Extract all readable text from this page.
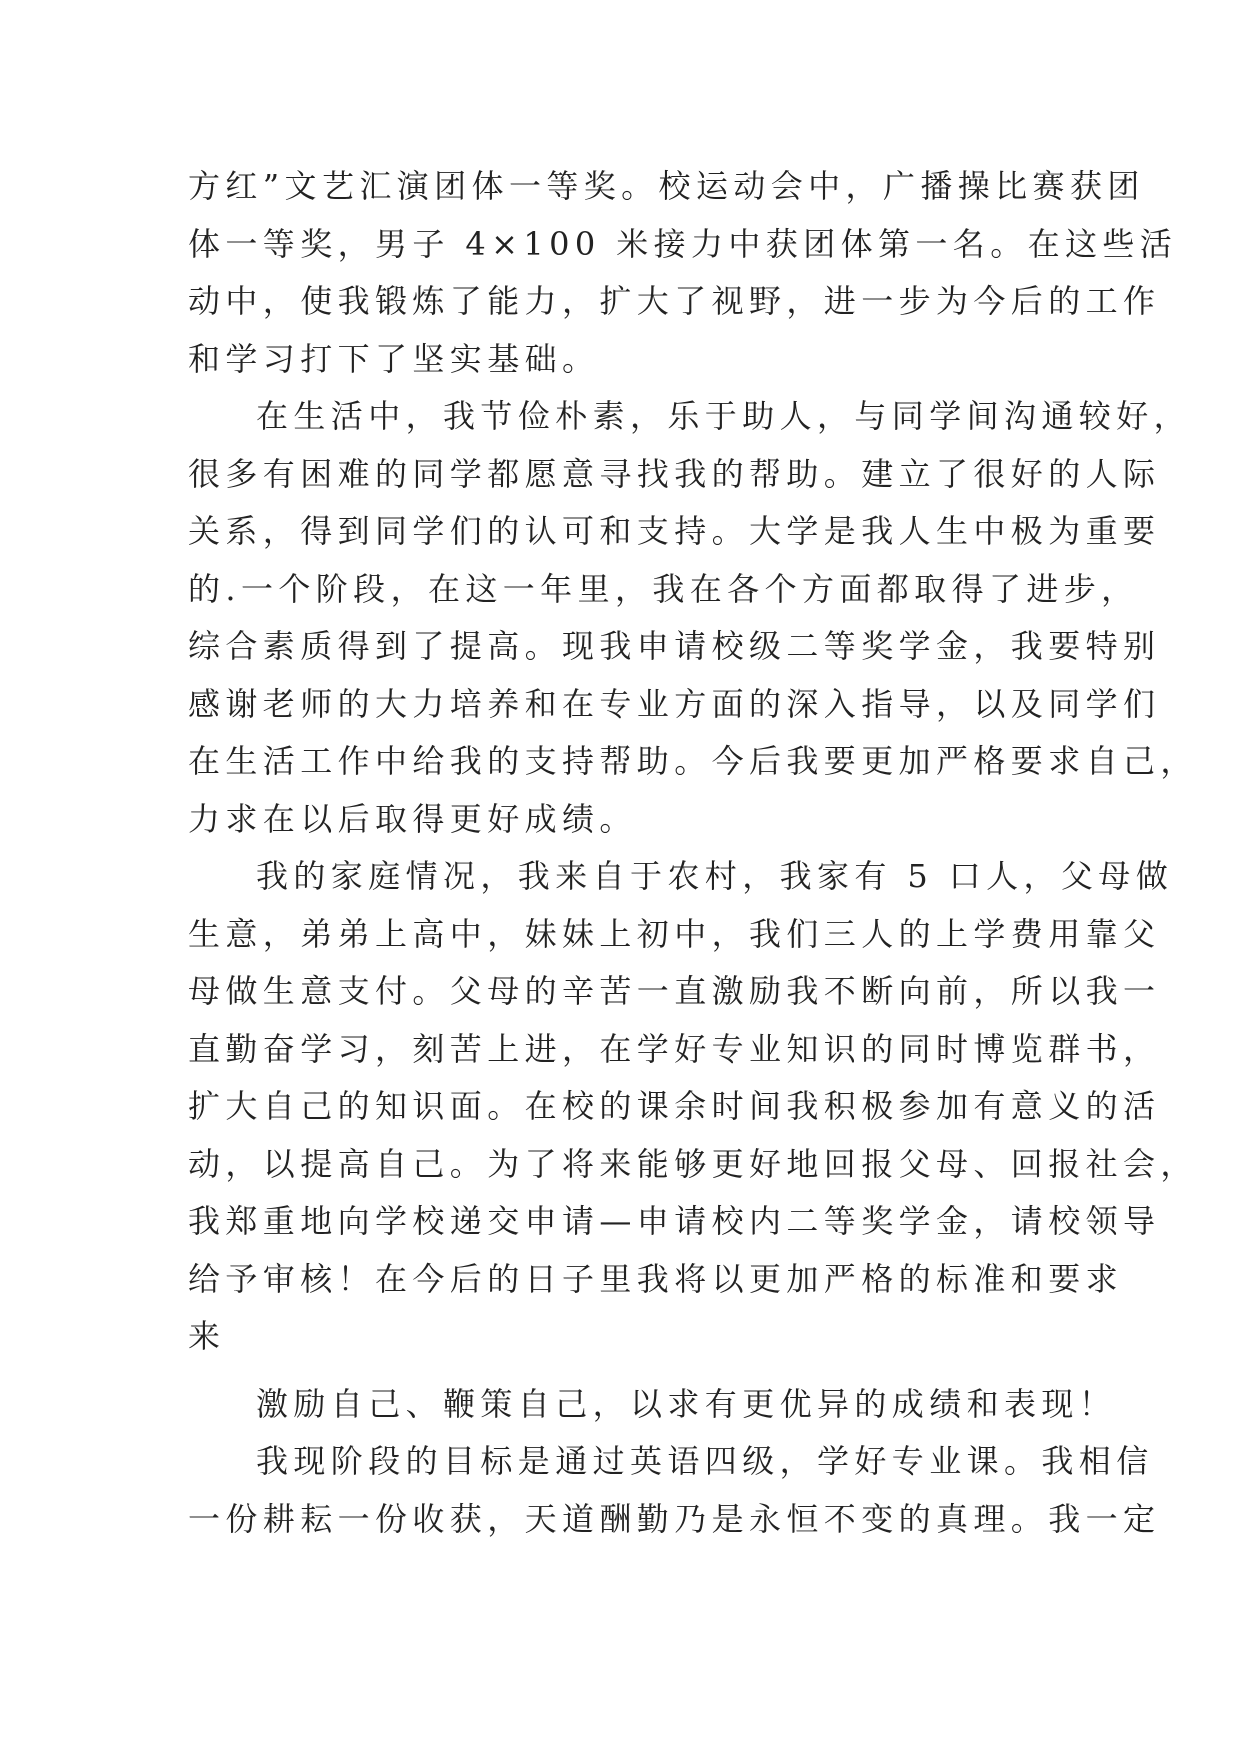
方红”文艺汇演团体一等奖。校运动会中，广播操比赛获团
体一等奖，男子 4×100 米接力中获团体第一名。在这些活
动中，使我锻炼了能力，扩大了视野，进一步为今后的工作
和学习打下了坚实基础。
在生活中，我节俭朴素，乐于助人，与同学间沟通较好，
很多有困难的同学都愿意寻找我的帮助。建立了很好的人际
关系，得到同学们的认可和支持。大学是我人生中极为重要
的.一个阶段，在这一年里，我在各个方面都取得了进步，
综合素质得到了提高。现我申请校级二等奖学金，我要特别
感谢老师的大力培养和在专业方面的深入指导，以及同学们
在生活工作中给我的支持帮助。今后我要更加严格要求自己，
力求在以后取得更好成绩。
我的家庭情况，我来自于农村，我家有 5 口人，父母做
生意，弟弟上高中，妹妹上初中，我们三人的上学费用靠父
母做生意支付。父母的辛苦一直激励我不断向前，所以我一
直勤奋学习，刻苦上进，在学好专业知识的同时博览群书，
扩大自己的知识面。在校的课余时间我积极参加有意义的活
动，以提高自己。为了将来能够更好地回报父母、回报社会，
我郑重地向学校递交申请—申请校内二等奖学金，请校领导
给予审核！在今后的日子里我将以更加严格的标准和要求
来
激励自己、鞭策自己，以求有更优异的成绩和表现！
我现阶段的目标是通过英语四级，学好专业课。我相信
一份耕耘一份收获，天道酬勤乃是永恒不变的真理。我一定
